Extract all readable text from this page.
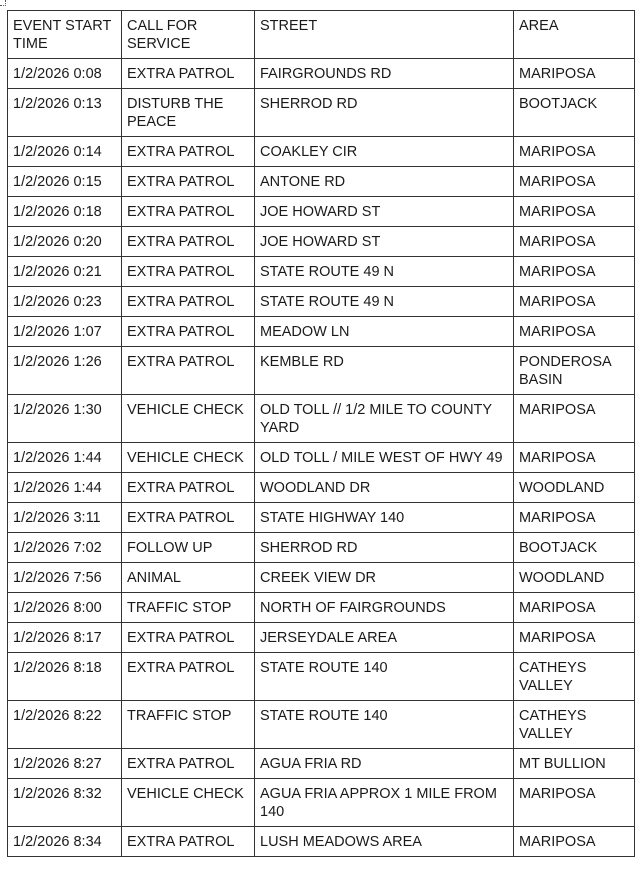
EVENT START TIME	CALL FOR SERVICE	STREET	AREA
1/2/2026 0:08	EXTRA PATROL	FAIRGROUNDS RD	MARIPOSA
1/2/2026 0:13	DISTURB THE PEACE	SHERROD RD	BOOTJACK
1/2/2026 0:14	EXTRA PATROL	COAKLEY CIR	MARIPOSA
1/2/2026 0:15	EXTRA PATROL	ANTONE RD	MARIPOSA
1/2/2026 0:18	EXTRA PATROL	JOE HOWARD ST	MARIPOSA
1/2/2026 0:20	EXTRA PATROL	JOE HOWARD ST	MARIPOSA
1/2/2026 0:21	EXTRA PATROL	STATE ROUTE 49 N	MARIPOSA
1/2/2026 0:23	EXTRA PATROL	STATE ROUTE 49 N	MARIPOSA
1/2/2026 1:07	EXTRA PATROL	MEADOW LN	MARIPOSA
1/2/2026 1:26	EXTRA PATROL	KEMBLE RD	PONDEROSA BASIN
1/2/2026 1:30	VEHICLE CHECK	OLD TOLL // 1/2 MILE TO COUNTY YARD	MARIPOSA
1/2/2026 1:44	VEHICLE CHECK	OLD TOLL / MILE WEST OF HWY 49	MARIPOSA
1/2/2026 1:44	EXTRA PATROL	WOODLAND DR	WOODLAND
1/2/2026 3:11	EXTRA PATROL	STATE HIGHWAY 140	MARIPOSA
1/2/2026 7:02	FOLLOW UP	SHERROD RD	BOOTJACK
1/2/2026 7:56	ANIMAL	CREEK VIEW DR	WOODLAND
1/2/2026 8:00	TRAFFIC STOP	NORTH OF FAIRGROUNDS	MARIPOSA
1/2/2026 8:17	EXTRA PATROL	JERSEYDALE AREA	MARIPOSA
1/2/2026 8:18	EXTRA PATROL	STATE ROUTE 140	CATHEYS VALLEY
1/2/2026 8:22	TRAFFIC STOP	STATE ROUTE 140	CATHEYS VALLEY
1/2/2026 8:27	EXTRA PATROL	AGUA FRIA RD	MT BULLION
1/2/2026 8:32	VEHICLE CHECK	AGUA FRIA APPROX 1 MILE FROM 140	MARIPOSA
1/2/2026 8:34	EXTRA PATROL	LUSH MEADOWS AREA	MARIPOSA
